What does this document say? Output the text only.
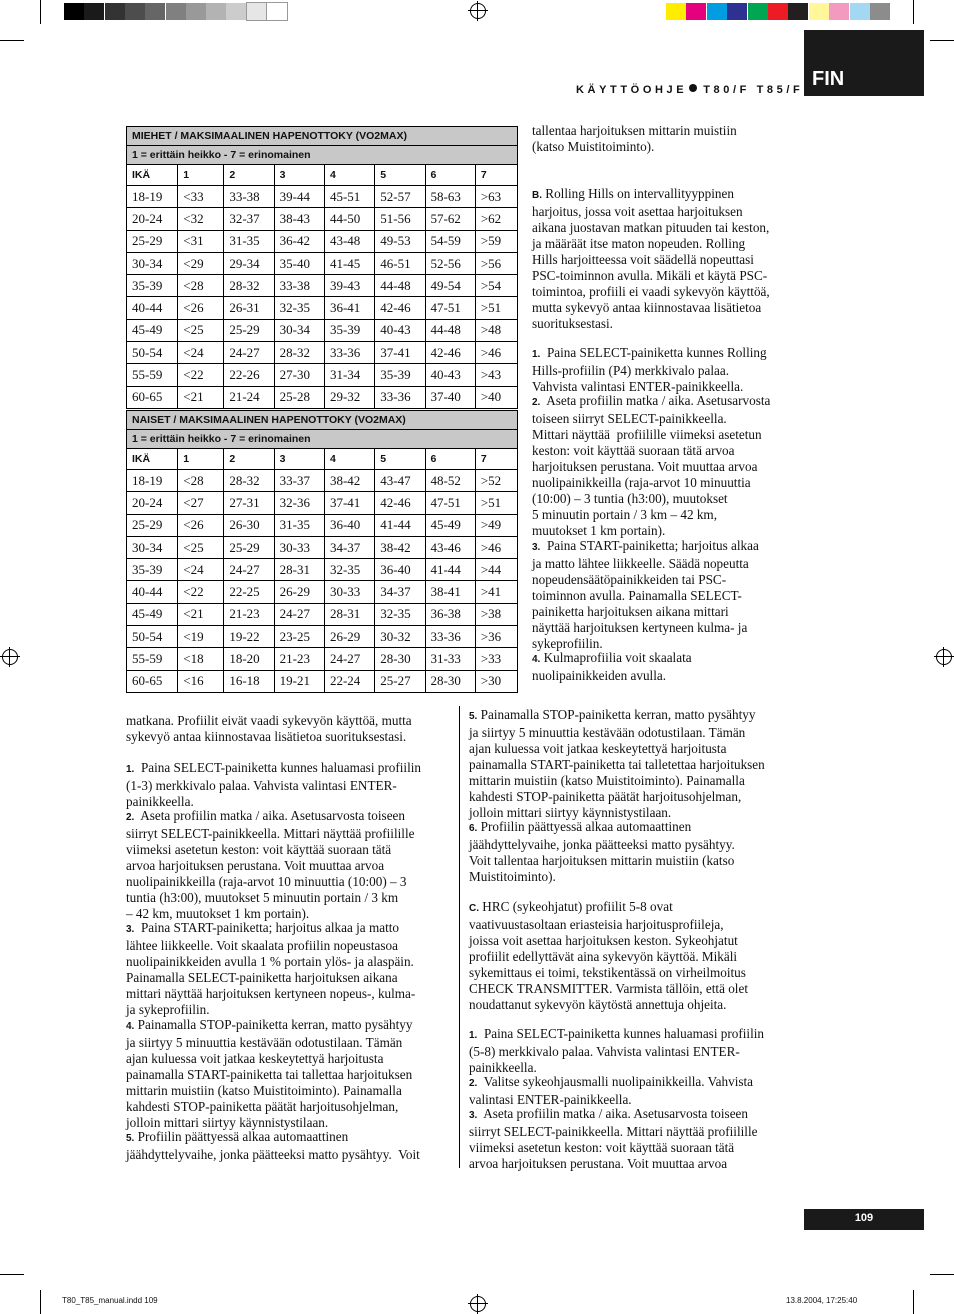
FIN
KÄYTTÖOHJE T80/F T85/F
MIEHET / MAKSIMAALINEN HAPENOTTOKY (VO2MAX)							
1 = erittäin heikko - 7 = erinomainen							
IKÄ	1	2	3	4	5	6	7
18-19	<33	33-38	39-44	45-51	52-57	58-63	>63
20-24	<32	32-37	38-43	44-50	51-56	57-62	>62
25-29	<31	31-35	36-42	43-48	49-53	54-59	>59
30-34	<29	29-34	35-40	41-45	46-51	52-56	>56
35-39	<28	28-32	33-38	39-43	44-48	49-54	>54
40-44	<26	26-31	32-35	36-41	42-46	47-51	>51
45-49	<25	25-29	30-34	35-39	40-43	44-48	>48
50-54	<24	24-27	28-32	33-36	37-41	42-46	>46
55-59	<22	22-26	27-30	31-34	35-39	40-43	>43
60-65	<21	21-24	25-28	29-32	33-36	37-40	>40
NAISET / MAKSIMAALINEN HAPENOTTOKY (VO2MAX)							
1 = erittäin heikko - 7 = erinomainen							
IKÄ	1	2	3	4	5	6	7
18-19	<28	28-32	33-37	38-42	43-47	48-52	>52
20-24	<27	27-31	32-36	37-41	42-46	47-51	>51
25-29	<26	26-30	31-35	36-40	41-44	45-49	>49
30-34	<25	25-29	30-33	34-37	38-42	43-46	>46
35-39	<24	24-27	28-31	32-35	36-40	41-44	>44
40-44	<22	22-25	26-29	30-33	34-37	38-41	>41
45-49	<21	21-23	24-27	28-31	32-35	36-38	>38
50-54	<19	19-22	23-25	26-29	30-32	33-36	>36
55-59	<18	18-20	21-23	24-27	28-30	31-33	>33
60-65	<16	16-18	19-21	22-24	25-27	28-30	>30
tallentaa harjoituksen mittarin muistiin
(katso Muistitoiminto).
B. Rolling Hills on intervallityyppinen
harjoitus, jossa voit asettaa harjoituksen
aikana juostavan matkan pituuden tai keston,
ja määräät itse maton nopeuden. Rolling
Hills harjoitteessa voit säädellä nopeuttasi
PSC-toiminnon avulla. Mikäli et käytä PSC-
toimintoa, profiili ei vaadi sykevyön käyttöä,
mutta sykevyö antaa kiinnostavaa lisätietoa
suorituksestasi.
1.  Paina SELECT-painiketta kunnes Rolling
Hills-profiilin (P4) merkkivalo palaa.
Vahvista valintasi ENTER-painikkeella.
2.  Aseta profiilin matka / aika. Asetusarvosta
toiseen siirryt SELECT-painikkeella.
Mittari näyttää  profiilille viimeksi asetetun
keston: voit käyttää suoraan tätä arvoa
harjoituksen perustana. Voit muuttaa arvoa
nuolipainikkeilla (raja-arvot 10 minuuttia
(10:00) – 3 tuntia (h3:00), muutokset
5 minuutin portain / 3 km – 42 km,
muutokset 1 km portain).
3.  Paina START-painiketta; harjoitus alkaa
ja matto lähtee liikkeelle. Säädä nopeutta
nopeudensäätöpainikkeiden tai PSC-
toiminnon avulla. Painamalla SELECT-
painiketta harjoituksen aikana mittari
näyttää harjoituksen kertyneen kulma- ja
sykeprofiilin.
4. Kulmaprofiilia voit skaalata
nuolipainikkeiden avulla.
matkana. Profiilit eivät vaadi sykevyön käyttöä, mutta
sykevyö antaa kiinnostavaa lisätietoa suorituksestasi.
1.  Paina SELECT-painiketta kunnes haluamasi profiilin
(1-3) merkkivalo palaa. Vahvista valintasi ENTER-
painikkeella.
2.  Aseta profiilin matka / aika. Asetusarvosta toiseen
siirryt SELECT-painikkeella. Mittari näyttää profiilille
viimeksi asetetun keston: voit käyttää suoraan tätä
arvoa harjoituksen perustana. Voit muuttaa arvoa
nuolipainikkeilla (raja-arvot 10 minuuttia (10:00) – 3
tuntia (h3:00), muutokset 5 minuutin portain / 3 km
– 42 km, muutokset 1 km portain).
3.  Paina START-painiketta; harjoitus alkaa ja matto
lähtee liikkeelle. Voit skaalata profiilin nopeustasoa
nuolipainikkeiden avulla 1 % portain ylös- ja alaspäin.
Painamalla SELECT-painiketta harjoituksen aikana
mittari näyttää harjoituksen kertyneen nopeus-, kulma-
ja sykeprofiilin.
4. Painamalla STOP-painiketta kerran, matto pysähtyy
ja siirtyy 5 minuuttia kestävään odotustilaan. Tämän
ajan kuluessa voit jatkaa keskeytettyä harjoitusta
painamalla START-painiketta tai tallettaa harjoituksen
mittarin muistiin (katso Muistitoiminto). Painamalla
kahdesti STOP-painiketta päätät harjoitusohjelman,
jolloin mittari siirtyy käynnistystilaan.
5. Profiilin päättyessä alkaa automaattinen
jäähdyttelyvaihe, jonka päätteeksi matto pysähtyy.  Voit
5. Painamalla STOP-painiketta kerran, matto pysähtyy
ja siirtyy 5 minuuttia kestävään odotustilaan. Tämän
ajan kuluessa voit jatkaa keskeytettyä harjoitusta
painamalla START-painiketta tai talletettaa harjoituksen
mittarin muistiin (katso Muistitoiminto). Painamalla
kahdesti STOP-painiketta päätät harjoitusohjelman,
jolloin mittari siirtyy käynnistystilaan.
6. Profiilin päättyessä alkaa automaattinen
jäähdyttelyvaihe, jonka päätteeksi matto pysähtyy.
Voit tallentaa harjoituksen mittarin muistiin (katso
Muistitoiminto).
C. HRC (sykeohjatut) profiilit 5-8 ovat
vaativuustasoltaan eriasteisia harjoitusprofiileja,
joissa voit asettaa harjoituksen keston. Sykeohjatut
profiilit edellyttävät aina sykevyön käyttöä. Mikäli
sykemittaus ei toimi, tekstikentässä on virheilmoitus
CHECK TRANSMITTER. Varmista tällöin, että olet
noudattanut sykevyön käytöstä annettuja ohjeita.
1.  Paina SELECT-painiketta kunnes haluamasi profiilin
(5-8) merkkivalo palaa. Vahvista valintasi ENTER-
painikkeella.
2.  Valitse sykeohjausmalli nuolipainikkeilla. Vahvista
valintasi ENTER-painikkeella.
3.  Aseta profiilin matka / aika. Asetusarvosta toiseen
siirryt SELECT-painikkeella. Mittari näyttää profiilille
viimeksi asetetun keston: voit käyttää suoraan tätä
arvoa harjoituksen perustana. Voit muuttaa arvoa
109
T80_T85_manual.indd 109	13.8.2004, 17:25:40
